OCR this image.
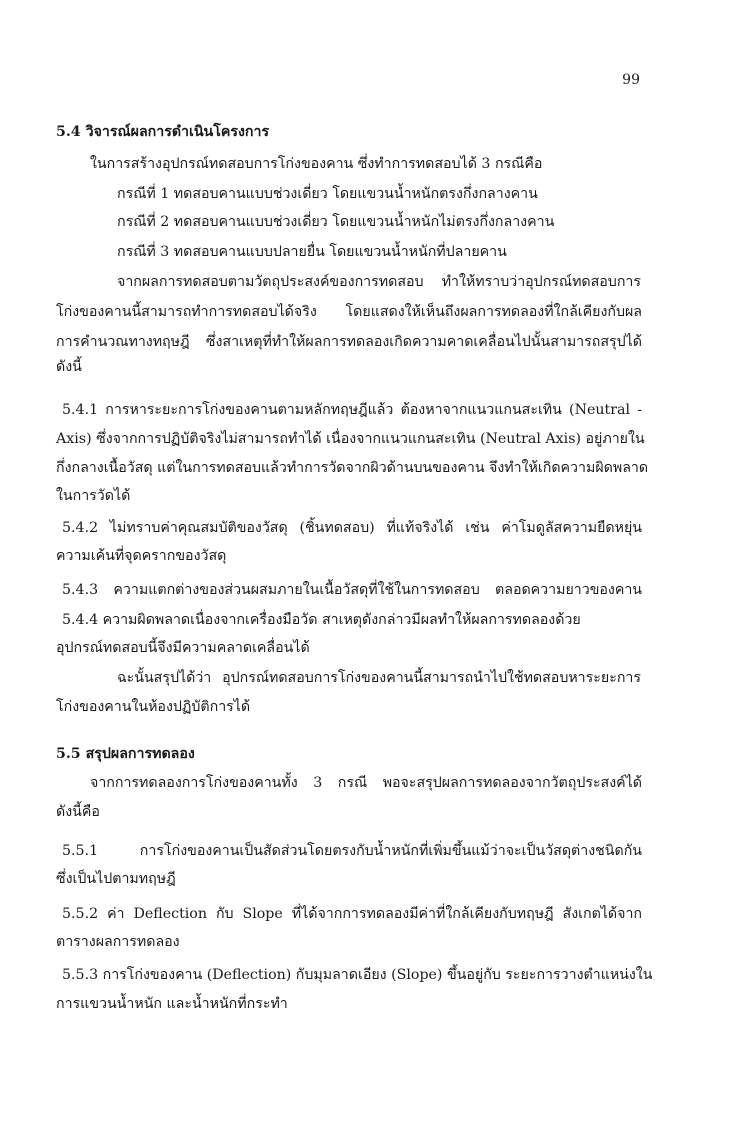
99
5.4 วิจารณ์ผลการดำเนินโครงการ
ในการสร้างอุปกรณ์ทดสอบการโก่งของคาน ซึ่งทำการทดสอบได้ 3 กรณีคือ
กรณีที่ 1 ทดสอบคานแบบช่วงเดี่ยว โดยแขวนน้ำหนักตรงกึ่งกลางคาน
กรณีที่ 2 ทดสอบคานแบบช่วงเดี่ยว โดยแขวนน้ำหนักไม่ตรงกึ่งกลางคาน
กรณีที่ 3 ทดสอบคานแบบปลายยื่น โดยแขวนน้ำหนักที่ปลายคาน
จากผลการทดสอบตามวัตถุประสงค์ของการทดสอบ ทำให้ทราบว่าอุปกรณ์ทดสอบการ
โก่งของคานนี้สามารถทำการทดสอบได้จริง โดยแสดงให้เห็นถึงผลการทดลองที่ใกล้เคียงกับผล
การคำนวณทางทฤษฎี ซึ่งสาเหตุที่ทำให้ผลการทดลองเกิดความคาดเคลื่อนไปนั้นสามารถสรุปได้
ดังนี้
5.4.1 การหาระยะการโก่งของคานตามหลักทฤษฎีแล้ว ต้องหาจากแนวแกนสะเทิน (Neutral -
Axis) ซึ่งจากการปฏิบัติจริงไม่สามารถทำได้ เนื่องจากแนวแกนสะเทิน (Neutral Axis) อยู่ภายใน
กึ่งกลางเนื้อวัสดุ แต่ในการทดสอบแล้วทำการวัดจากผิวด้านบนของคาน จึงทำให้เกิดความผิดพลาด
ในการวัดได้
5.4.2 ไม่ทราบค่าคุณสมบัติของวัสดุ (ชิ้นทดสอบ) ที่แท้จริงได้ เช่น ค่าโมดูลัสความยืดหยุ่น
ความเค้นที่จุดครากของวัสดุ
5.4.3 ความแตกต่างของส่วนผสมภายในเนื้อวัสดุที่ใช้ในการทดสอบ ตลอดความยาวของคาน
5.4.4 ความผิดพลาดเนื่องจากเครื่องมือวัด สาเหตุดังกล่าวมีผลทำให้ผลการทดลองด้วย
อุปกรณ์ทดสอบนี้จึงมีความคลาดเคลื่อนได้
ฉะนั้นสรุปได้ว่า อุปกรณ์ทดสอบการโก่งของคานนี้สามารถนำไปใช้ทดสอบหาระยะการ
โก่งของคานในห้องปฏิบัติการได้
5.5 สรุปผลการทดลอง
จากการทดลองการโก่งของคานทั้ง 3 กรณี พอจะสรุปผลการทดลองจากวัตถุประสงค์ได้
ดังนี้คือ
5.5.1 การโก่งของคานเป็นสัดส่วนโดยตรงกับน้ำหนักที่เพิ่มขึ้นแม้ว่าจะเป็นวัสดุต่างชนิดกัน
ซึ่งเป็นไปตามทฤษฎี
5.5.2 ค่า Deflection กับ Slope ที่ได้จากการทดลองมีค่าที่ใกล้เคียงกับทฤษฎี สังเกตได้จาก
ตารางผลการทดลอง
5.5.3 การโก่งของคาน (Deflection) กับมุมลาดเอียง (Slope) ขึ้นอยู่กับ ระยะการวางตำแหน่งใน
การแขวนน้ำหนัก และน้ำหนักที่กระทำ
